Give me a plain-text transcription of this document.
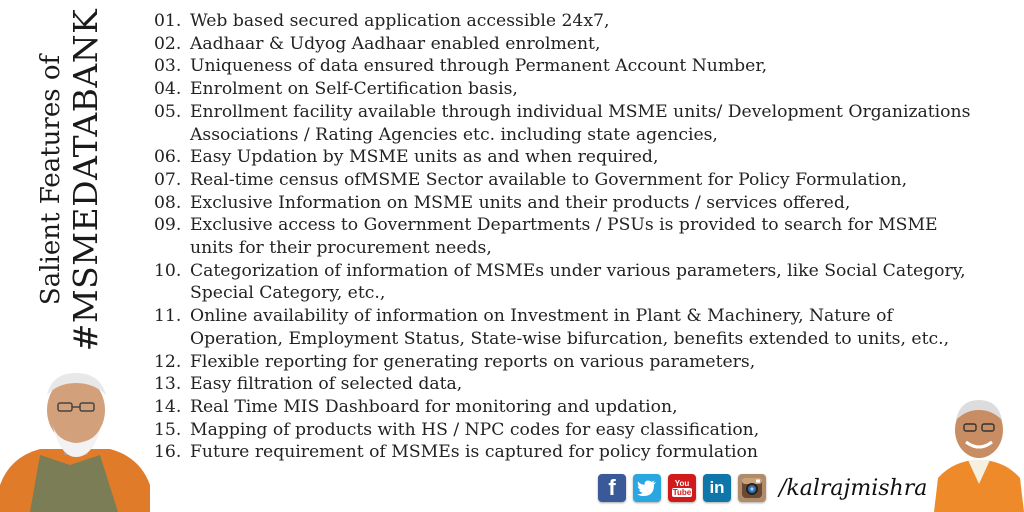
Salient Features of #MSMEDATABANK	01. Web based secured application accessible 24x7,
02. Aadhaar & Udyog Aadhaar enabled enrolment,
03. Uniqueness of data ensured through Permanent Account Number,
04. Enrolment on Self-Certification basis,
05. Enrollment facility available through individual MSME units/ Development Organizations
Associations / Rating Agencies etc. including state agencies,
06. Easy Updation by MSME units as and when required,
07. Real-time census ofMSME Sector available to Government for Policy Formulation,
08. Exclusive Information on MSME units and their products / services offered,
09. Exclusive access to Government Departments / PSUs is provided to search for MSME
units for their procurement needs,
10. Categorization of information of MSMEs under various parameters, like Social Category,
Special Category, etc.,
11. Online availability of information on Investment in Plant & Machinery, Nature of
Operation, Employment Status, State-wise bifurcation, benefits extended to units, etc.,
12. Flexible reporting for generating reports on various parameters,
13. Easy filtration of selected data,
14. Real Time MIS Dashboard for monitoring and updation,
15. Mapping of products with HS / NPC codes for easy classification,
16. Future requirement of MSMEs is captured for policy formulation
f	You
Tube	in /kalrajmishra
